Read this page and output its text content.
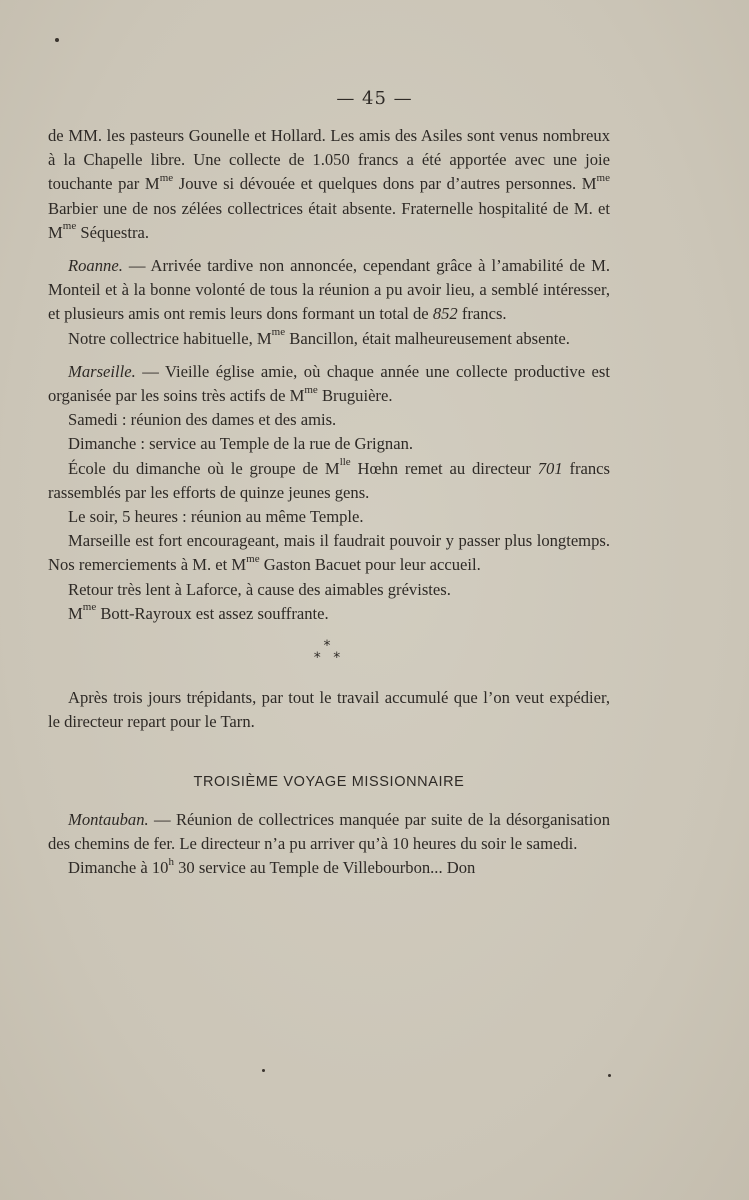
— 45 —

de MM. les pasteurs Gounelle et Hollard. Les amis des Asiles sont venus nombreux à la Chapelle libre. Une collecte de 1.050 francs a été apportée avec une joie touchante par $M^{me}$ Jouve si dévouée et quelques dons par d’autres personnes. $M^{me}$ Barbier une de nos zélées collectrices était absente. Fraternelle hospitalité de M. et $M^{me}$ Séquestra.

Roanne. — Arrivée tardive non annoncée, cependant grâce à l’amabilité de M. Monteil et à la bonne volonté de tous la réunion a pu avoir lieu, a semblé intéresser, et plusieurs amis ont remis leurs dons formant un total de 852 francs.

Notre collectrice habituelle, $M^{me}$ Bancillon, était malheureusement absente.

Marseille. — Vieille église amie, où chaque année une collecte productive est organisée par les soins très actifs de $M^{me}$ Bruguière.

Samedi : réunion des dames et des amis.

Dimanche : service au Temple de la rue de Grignan.

École du dimanche où le groupe de $M^{lle}$ Hœhn remet au directeur 701 francs rassemblés par les efforts de quinze jeunes gens.

Le soir, 5 heures : réunion au même Temple.

Marseille est fort encourageant, mais il faudrait pouvoir y passer plus longtemps. Nos remerciements à M. et $M^{me}$ Gaston Bacuet pour leur accueil.

Retour très lent à Laforce, à cause des aimables grévistes.

$M^{me}$ Bott-Rayroux est assez souffrante.

*
* *

Après trois jours trépidants, par tout le travail accumulé que l’on veut expédier, le directeur repart pour le Tarn.

TROISIÈME VOYAGE MISSIONNAIRE

Montauban. — Réunion de collectrices manquée par suite de la désorganisation des chemins de fer. Le directeur n’a pu arriver qu’à 10 heures du soir le samedi.

Dimanche à 10$^h$ 30 service au Temple de Villebourbon... Don
